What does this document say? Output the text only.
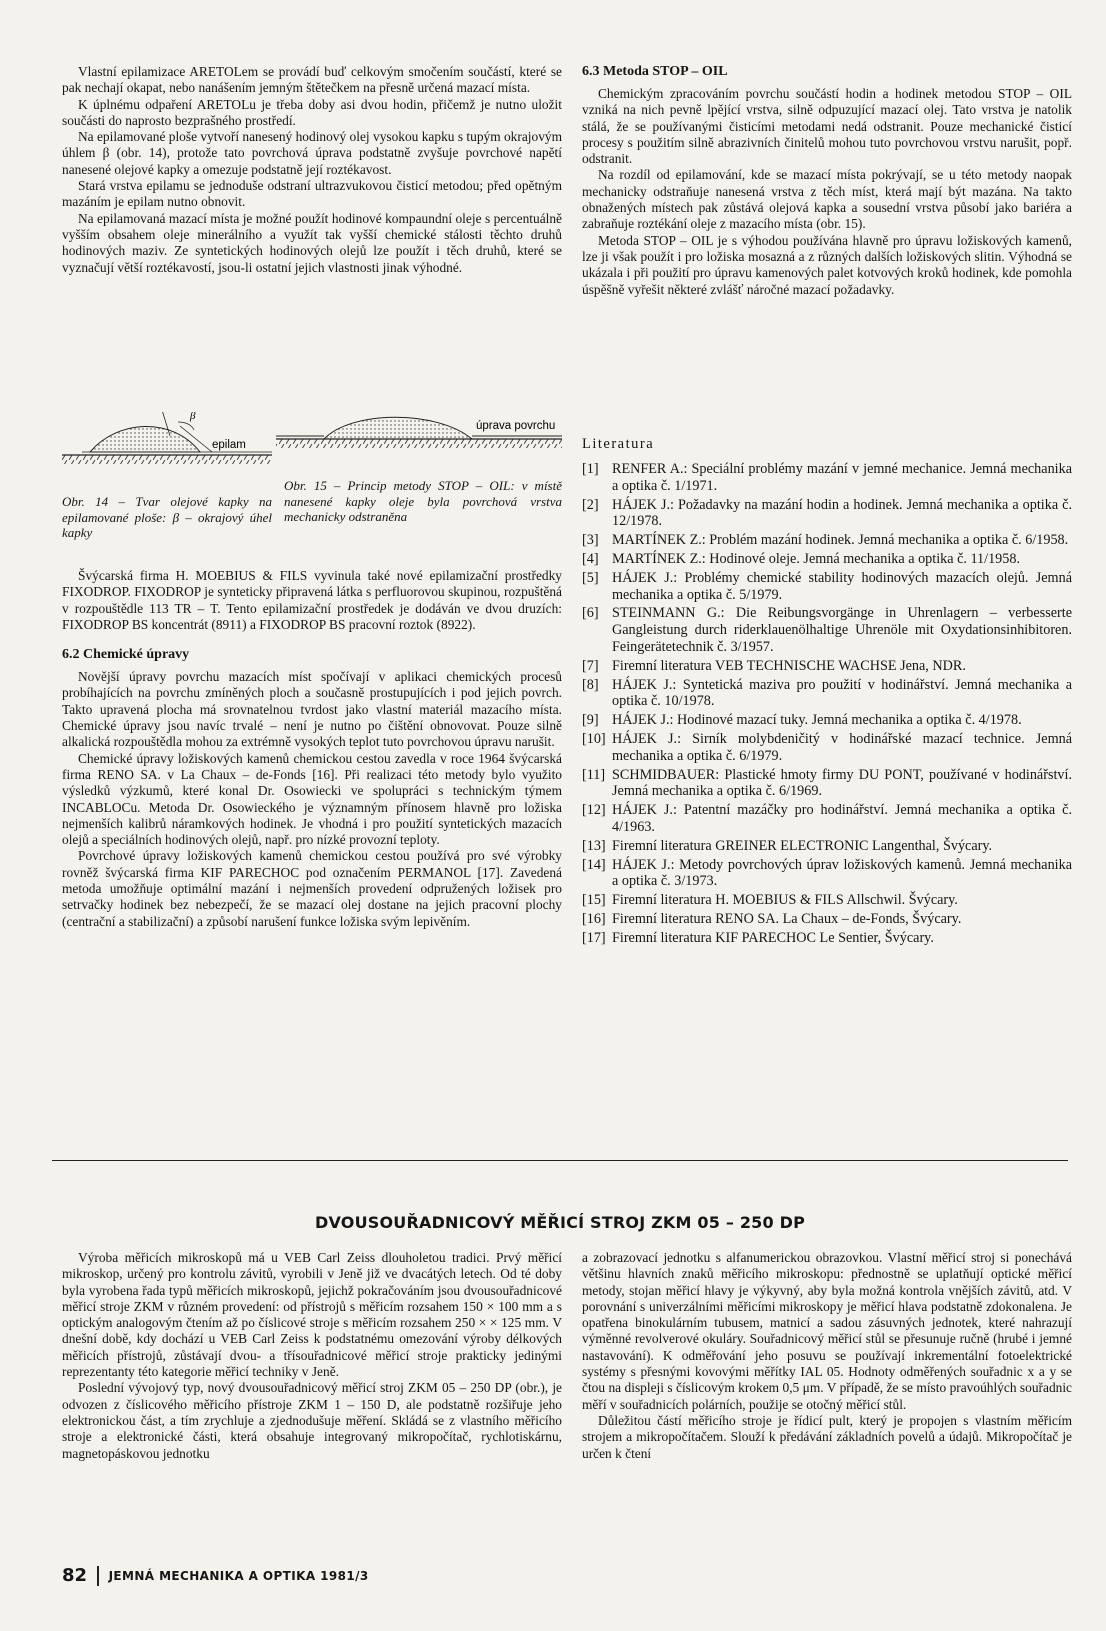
Vlastní epilamizace ARETOLem se provádí buď celkovým smočením součástí, které se pak nechají okapat, nebo nanášením jemným štětečkem na přesně určená mazací místa.

K úplnému odpaření ARETOLu je třeba doby asi dvou hodin, přičemž je nutno uložit součásti do naprosto bezprašného prostředí.

Na epilamované ploše vytvoří nanesený hodinový olej vysokou kapku s tupým okrajovým úhlem β (obr. 14), protože tato povrchová úprava podstatně zvyšuje povrchové napětí nanesené olejové kapky a omezuje podstatně její roztékavost.

Stará vrstva epilamu se jednoduše odstraní ultrazvukovou čisticí metodou; před opětným mazáním je epilam nutno obnovit.

Na epilamovaná mazací místa je možné použít hodinové kompaundní oleje s percentuálně vyšším obsahem oleje minerálního a využít tak vyšší chemické stálosti těchto druhů hodinových maziv. Ze syntetických hodinových olejů lze použít i těch druhů, které se vyznačují větší roztékavostí, jsou-li ostatní jejich vlastnosti jinak výhodné.

β
epilam
úprava povrchu
Obr. 14 – Tvar olejové kapky na epilamované ploše: β – okrajový úhel kapky
Obr. 15 – Princip metody STOP – OIL: v místě nanesené kapky oleje byla povrchová vrstva mechanicky odstraněna

Švýcarská firma H. MOEBIUS & FILS vyvinula také nové epilamizační prostředky FIXODROP. FIXODROP je synteticky připravená látka s perfluorovou skupinou, rozpuštěná v rozpouštědle 113 TR – T. Tento epilamizační prostředek je dodáván ve dvou druzích: FIXODROP BS koncentrát (8911) a FIXODROP BS pracovní roztok (8922).

6.2 Chemické úpravy

Novější úpravy povrchu mazacích míst spočívají v aplikaci chemických procesů probíhajících na povrchu zmíněných ploch a současně prostupujících i pod jejich povrch. Takto upravená plocha má srovnatelnou tvrdost jako vlastní materiál mazacího místa. Chemické úpravy jsou navíc trvalé – není je nutno po čištění obnovovat. Pouze silně alkalická rozpouštědla mohou za extrémně vysokých teplot tuto povrchovou úpravu narušit.

Chemické úpravy ložiskových kamenů chemickou cestou zavedla v roce 1964 švýcarská firma RENO SA. v La Chaux – de-Fonds [16]. Při realizaci této metody bylo využito výsledků výzkumů, které konal Dr. Osowiecki ve spolupráci s technickým týmem INCABLOCu. Metoda Dr. Osowieckého je významným přínosem hlavně pro ložiska nejmenších kalibrů náramkových hodinek. Je vhodná i pro použití syntetických mazacích olejů a speciálních hodinových olejů, např. pro nízké provozní teploty.

Povrchové úpravy ložiskových kamenů chemickou cestou používá pro své výrobky rovněž švýcarská firma KIF PARECHOC pod označením PERMANOL [17]. Zavedená metoda umožňuje optimální mazání i nejmenších provedení odpružených ložisek pro setrvačky hodinek bez nebezpečí, že se mazací olej dostane na jejich pracovní plochy (centrační a stabilizační) a způsobí narušení funkce ložiska svým lepivěním.

6.3 Metoda STOP – OIL

Chemickým zpracováním povrchu součástí hodin a hodinek metodou STOP – OIL vzniká na nich pevně lpějící vrstva, silně odpuzující mazací olej. Tato vrstva je natolik stálá, že se používanými čisticími metodami nedá odstranit. Pouze mechanické čisticí procesy s použitím silně abrazivních činitelů mohou tuto povrchovou vrstvu narušit, popř. odstranit.

Na rozdíl od epilamování, kde se mazací místa pokrývají, se u této metody naopak mechanicky odstraňuje nanesená vrstva z těch míst, která mají být mazána. Na takto obnažených místech pak zůstává olejová kapka a sousední vrstva působí jako bariéra a zabraňuje roztékání oleje z mazacího místa (obr. 15).

Metoda STOP – OIL je s výhodou používána hlavně pro úpravu ložiskových kamenů, lze ji však použít i pro ložiska mosazná a z různých dalších ložiskových slitin. Výhodná se ukázala i při použití pro úpravu kamenových palet kotvových kroků hodinek, kde pomohla úspěšně vyřešit některé zvlášť náročné mazací požadavky.

Literatura
[1] RENFER A.: Speciální problémy mazání v jemné mechanice. Jemná mechanika a optika č. 1/1971.
[2] HÁJEK J.: Požadavky na mazání hodin a hodinek. Jemná mechanika a optika č. 12/1978.
[3] MARTÍNEK Z.: Problém mazání hodinek. Jemná mechanika a optika č. 6/1958.
[4] MARTÍNEK Z.: Hodinové oleje. Jemná mechanika a optika č. 11/1958.
[5] HÁJEK J.: Problémy chemické stability hodinových mazacích olejů. Jemná mechanika a optika č. 5/1979.
[6] STEINMANN G.: Die Reibungsvorgänge in Uhrenlagern – verbesserte Gangleistung durch riderklauenölhaltige Uhrenöle mit Oxydationsinhibitoren. Feingerätetechnik č. 3/1957.
[7] Firemní literatura VEB TECHNISCHE WACHSE Jena, NDR.
[8] HÁJEK J.: Syntetická maziva pro použití v hodinářství. Jemná mechanika a optika č. 10/1978.
[9] HÁJEK J.: Hodinové mazací tuky. Jemná mechanika a optika č. 4/1978.
[10] HÁJEK J.: Sirník molybdeničitý v hodinářské mazací technice. Jemná mechanika a optika č. 6/1979.
[11] SCHMIDBAUER: Plastické hmoty firmy DU PONT, používané v hodinářství. Jemná mechanika a optika č. 6/1969.
[12] HÁJEK J.: Patentní mazáčky pro hodinářství. Jemná mechanika a optika č. 4/1963.
[13] Firemní literatura GREINER ELECTRONIC Langenthal, Švýcary.
[14] HÁJEK J.: Metody povrchových úprav ložiskových kamenů. Jemná mechanika a optika č. 3/1973.
[15] Firemní literatura H. MOEBIUS & FILS Allschwil. Švýcary.
[16] Firemní literatura RENO SA. La Chaux – de-Fonds, Švýcary.
[17] Firemní literatura KIF PARECHOC Le Sentier, Švýcary.
DVOUSOUŘADNICOVÝ MĚŘICÍ STROJ ZKM 05 – 250 DP

Výroba měřicích mikroskopů má u VEB Carl Zeiss dlouholetou tradici. Prvý měřicí mikroskop, určený pro kontrolu závitů, vyrobili v Jeně již ve dvacátých letech. Od té doby byla vyrobena řada typů měřicích mikroskopů, jejichž pokračováním jsou dvousouřadnicové měřicí stroje ZKM v různém provedení: od přístrojů s měřicím rozsahem 150 × 100 mm a s optickým analogovým čtením až po číslicové stroje s měřicím rozsahem 250 × × 125 mm. V dnešní době, kdy dochází u VEB Carl Zeiss k podstatnému omezování výroby délkových měřicích přístrojů, zůstávají dvou- a třísouřadnicové měřicí stroje prakticky jedinými reprezentanty této kategorie měřicí techniky v Jeně.

Poslední vývojový typ, nový dvousouřadnicový měřicí stroj ZKM 05 – 250 DP (obr.), je odvozen z číslicového měřicího přístroje ZKM 1 – 150 D, ale podstatně rozšiřuje jeho elektronickou část, a tím zrychluje a zjednodušuje měření. Skládá se z vlastního měřicího stroje a elektronické části, která obsahuje integrovaný mikropočítač, rychlotiskárnu, magnetopáskovou jednotku

a zobrazovací jednotku s alfanumerickou obrazovkou. Vlastní měřicí stroj si ponechává většinu hlavních znaků měřicího mikroskopu: přednostně se uplatňují optické měřicí metody, stojan měřicí hlavy je výkyvný, aby byla možná kontrola vnějších závitů, atd. V porovnání s univerzálními měřicími mikroskopy je měřicí hlava podstatně zdokonalena. Je opatřena binokulárním tubusem, matnicí a sadou zásuvných jednotek, které nahrazují výměnné revolverové okuláry. Souřadnicový měřicí stůl se přesunuje ručně (hrubé i jemné nastavování). K odměřování jeho posuvu se používají inkrementální fotoelektrické systémy s přesnými kovovými měřítky IAL 05. Hodnoty odměřených souřadnic x a y se čtou na displeji s číslicovým krokem 0,5 μm. V případě, že se místo pravoúhlých souřadnic měří v souřadnicích polárních, použije se otočný měřicí stůl.

Důležitou částí měřicího stroje je řídicí pult, který je propojen s vlastním měřicím strojem a mikropočítačem. Slouží k předávání základních povelů a údajů. Mikropočítač je určen k čtení

82 JEMNÁ MECHANIKA A OPTIKA 1981/3
